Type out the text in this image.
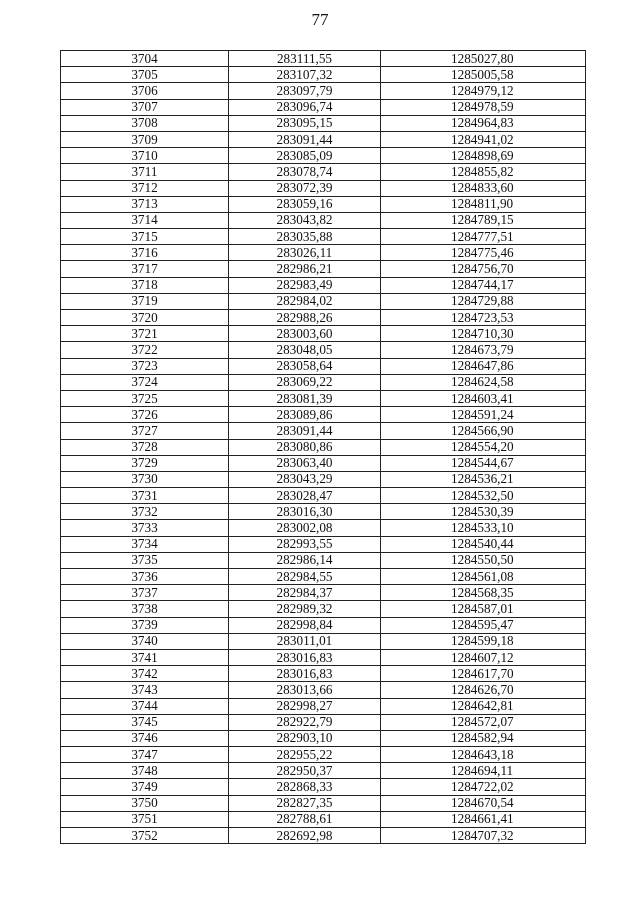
77
3704	283111,55	1285027,80
3705	283107,32	1285005,58
3706	283097,79	1284979,12
3707	283096,74	1284978,59
3708	283095,15	1284964,83
3709	283091,44	1284941,02
3710	283085,09	1284898,69
3711	283078,74	1284855,82
3712	283072,39	1284833,60
3713	283059,16	1284811,90
3714	283043,82	1284789,15
3715	283035,88	1284777,51
3716	283026,11	1284775,46
3717	282986,21	1284756,70
3718	282983,49	1284744,17
3719	282984,02	1284729,88
3720	282988,26	1284723,53
3721	283003,60	1284710,30
3722	283048,05	1284673,79
3723	283058,64	1284647,86
3724	283069,22	1284624,58
3725	283081,39	1284603,41
3726	283089,86	1284591,24
3727	283091,44	1284566,90
3728	283080,86	1284554,20
3729	283063,40	1284544,67
3730	283043,29	1284536,21
3731	283028,47	1284532,50
3732	283016,30	1284530,39
3733	283002,08	1284533,10
3734	282993,55	1284540,44
3735	282986,14	1284550,50
3736	282984,55	1284561,08
3737	282984,37	1284568,35
3738	282989,32	1284587,01
3739	282998,84	1284595,47
3740	283011,01	1284599,18
3741	283016,83	1284607,12
3742	283016,83	1284617,70
3743	283013,66	1284626,70
3744	282998,27	1284642,81
3745	282922,79	1284572,07
3746	282903,10	1284582,94
3747	282955,22	1284643,18
3748	282950,37	1284694,11
3749	282868,33	1284722,02
3750	282827,35	1284670,54
3751	282788,61	1284661,41
3752	282692,98	1284707,32
